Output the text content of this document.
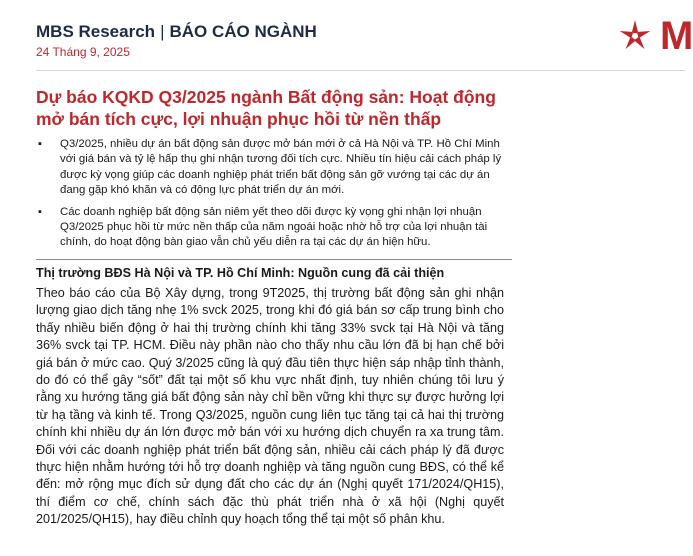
MBS Research | BÁO CÁO NGÀNH
24 Tháng 9, 2025	M
Dự báo KQKD Q3/2025 ngành Bất động sản: Hoạt động mở bán tích cực, lợi nhuận phục hồi từ nền thấp
▪ Q3/2025, nhiều dự án bất động sản được mở bán mới ở cả Hà Nội và TP. Hồ Chí Minh với giá bán và tỷ lệ hấp thụ ghi nhận tương đối tích cực. Nhiều tín hiệu cải cách pháp lý được kỳ vọng giúp các doanh nghiệp phát triển bất động sản gỡ vướng tại các dự án đang gặp khó khăn và có động lực phát triển dự án mới.
▪ Các doanh nghiệp bất động sản niêm yết theo dõi được kỳ vọng ghi nhận lợi nhuận Q3/2025 phục hồi từ mức nền thấp của năm ngoái hoặc nhờ hỗ trợ của lợi nhuận tài chính, do hoạt động bàn giao vẫn chủ yếu diễn ra tại các dự án hiện hữu.
Thị trường BĐS Hà Nội và TP. Hồ Chí Minh: Nguồn cung đã cải thiện

Theo báo cáo của Bộ Xây dựng, trong 9T2025, thị trường bất động sản ghi nhận lượng giao dịch tăng nhẹ 1% svck 2025, trong khi đó giá bán sơ cấp trung bình cho thấy nhiều biến động ở hai thị trường chính khi tăng 33% svck tại Hà Nội và tăng 36% svck tại TP. HCM. Điều này phần nào cho thấy nhu cầu lớn đã bị hạn chế bởi giá bán ở mức cao. Quý 3/2025 cũng là quý đầu tiên thực hiện sáp nhập tỉnh thành, do đó có thể gây “sốt” đất tại một số khu vực nhất định, tuy nhiên chúng tôi lưu ý rằng xu hướng tăng giá bất động sản này chỉ bền vững khi thực sự được hưởng lợi từ hạ tầng và kinh tế. Trong Q3/2025, nguồn cung liên tục tăng tại cả hai thị trường chính khi nhiều dự án lớn được mở bán với xu hướng dịch chuyển ra xa trung tâm. Đối với các doanh nghiệp phát triển bất động sản, nhiều cải cách pháp lý đã được thực hiện nhằm hướng tới hỗ trợ doanh nghiệp và tăng nguồn cung BĐS, có thể kể đến: mở rộng mục đích sử dụng đất cho các dự án (Nghị quyết 171/2024/QH15), thí điểm cơ chế, chính sách đặc thù phát triển nhà ở xã hội (Nghị quyết 201/2025/QH15), hay điều chỉnh quy hoạch tổng thể tại một số phân khu.
